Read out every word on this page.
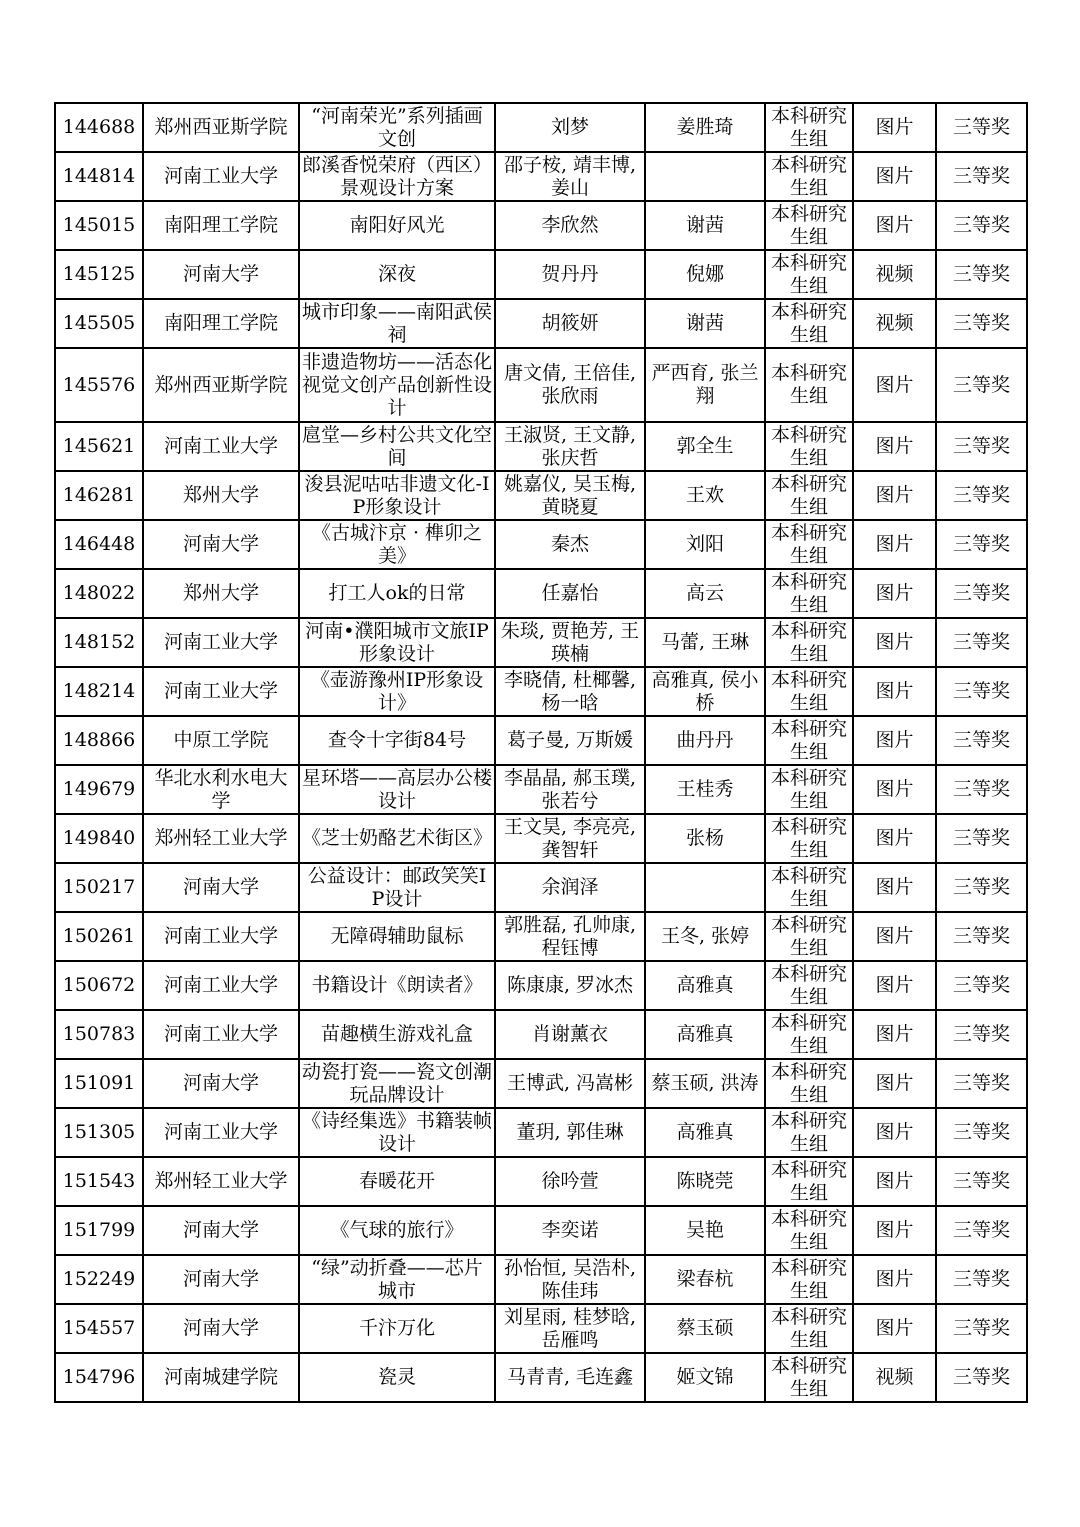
144688	郑州西亚斯学院	“河南荣光”系列插画文创	刘梦	姜胜琦	本科研究生组	图片	三等奖
144814	河南工业大学	郎溪香悦荣府（西区）景观设计方案	邵子桉, 靖丰博, 姜山		本科研究生组	图片	三等奖
145015	南阳理工学院	南阳好风光	李欣然	谢茜	本科研究生组	图片	三等奖
145125	河南大学	深夜	贺丹丹	倪娜	本科研究生组	视频	三等奖
145505	南阳理工学院	城市印象——南阳武侯祠	胡筱妍	谢茜	本科研究生组	视频	三等奖
145576	郑州西亚斯学院	非遗造物坊——活态化视觉文创产品创新性设计	唐文倩, 王倍佳, 张欣雨	严西育, 张兰翔	本科研究生组	图片	三等奖
145621	河南工业大学	扈堂—乡村公共文化空间	王淑贤, 王文静, 张庆哲	郭全生	本科研究生组	图片	三等奖
146281	郑州大学	浚县泥咕咕非遗文化-IP形象设计	姚嘉仪, 吴玉梅, 黄晓夏	王欢	本科研究生组	图片	三等奖
146448	河南大学	《古城汴京 · 榫卯之美》	秦杰	刘阳	本科研究生组	图片	三等奖
148022	郑州大学	打工人ok的日常	任嘉怡	高云	本科研究生组	图片	三等奖
148152	河南工业大学	河南•濮阳城市文旅IP形象设计	朱琰, 贾艳芳, 王瑛楠	马蕾, 王琳	本科研究生组	图片	三等奖
148214	河南工业大学	《壶游豫州IP形象设计》	李晓倩, 杜椰馨, 杨一晗	高雅真, 侯小桥	本科研究生组	图片	三等奖
148866	中原工学院	查令十字街84号	葛子曼, 万斯媛	曲丹丹	本科研究生组	图片	三等奖
149679	华北水利水电大学	星环塔——高层办公楼设计	李晶晶, 郝玉璞, 张若兮	王桂秀	本科研究生组	图片	三等奖
149840	郑州轻工业大学	《芝士奶酪艺术街区》	王文昊, 李亮亮, 龚智轩	张杨	本科研究生组	图片	三等奖
150217	河南大学	公益设计：邮政笑笑IP设计	余润泽		本科研究生组	图片	三等奖
150261	河南工业大学	无障碍辅助鼠标	郭胜磊, 孔帅康, 程钰博	王冬, 张婷	本科研究生组	图片	三等奖
150672	河南工业大学	书籍设计《朗读者》	陈康康, 罗冰杰	高雅真	本科研究生组	图片	三等奖
150783	河南工业大学	苗趣横生游戏礼盒	肖谢薰衣	高雅真	本科研究生组	图片	三等奖
151091	河南大学	动瓷打瓷——瓷文创潮玩品牌设计	王博武, 冯嵩彬	蔡玉硕, 洪涛	本科研究生组	图片	三等奖
151305	河南工业大学	《诗经集选》书籍装帧设计	董玥, 郭佳琳	高雅真	本科研究生组	图片	三等奖
151543	郑州轻工业大学	春暖花开	徐吟萱	陈晓莞	本科研究生组	图片	三等奖
151799	河南大学	《气球的旅行》	李奕诺	吴艳	本科研究生组	图片	三等奖
152249	河南大学	“绿”动折叠——芯片城市	孙怡恒, 吴浩朴, 陈佳玮	梁春杭	本科研究生组	图片	三等奖
154557	河南大学	千汴万化	刘星雨, 桂梦晗, 岳雁鸣	蔡玉硕	本科研究生组	图片	三等奖
154796	河南城建学院	瓷灵	马青青, 毛连鑫	姬文锦	本科研究生组	视频	三等奖
